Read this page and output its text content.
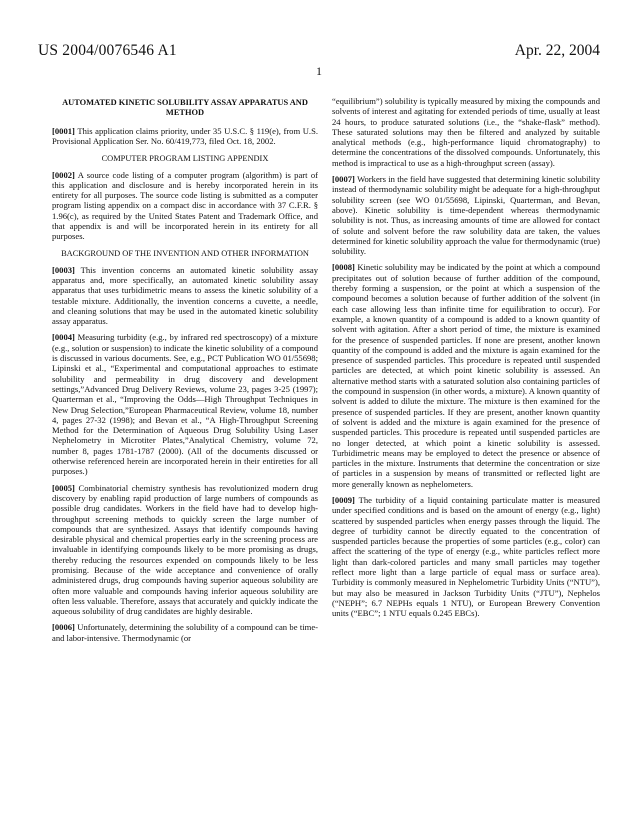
US 2004/0076546 A1	Apr. 22, 2004
1
AUTOMATED KINETIC SOLUBILITY ASSAY APPARATUS AND METHOD

[0001] This application claims priority, under 35 U.S.C. § 119(e), from U.S. Provisional Application Ser. No. 60/419,773, filed Oct. 18, 2002.

COMPUTER PROGRAM LISTING APPENDIX

[0002] A source code listing of a computer program (algorithm) is part of this application and disclosure and is hereby incorporated herein in its entirety for all purposes. The source code listing is submitted as a computer program listing appendix on a compact disc in accordance with 37 C.F.R. § 1.96(c), as required by the United States Patent and Trademark Office, and that appendix is and will be incorporated herein in its entirety for all purposes.

BACKGROUND OF THE INVENTION AND OTHER INFORMATION

[0003] This invention concerns an automated kinetic solubility assay apparatus and, more specifically, an automated kinetic solubility assay apparatus that uses turbidimetric means to assess the kinetic solubility of a testable mixture. Additionally, the invention concerns a cuvette, a needle, and cleaning solutions that may be used in the automated kinetic solubility assay apparatus.

[0004] Measuring turbidity (e.g., by infrared red spectroscopy) of a mixture (e.g., solution or suspension) to indicate the kinetic solubility of a compound is discussed in various documents. See, e.g., PCT Publication WO 01/55698; Lipinski et al., “Experimental and computational approaches to estimate solubility and permeability in drug discovery and development settings,”Advanced Drug Delivery Reviews, volume 23, pages 3-25 (1997); Quarterman et al., “Improving the Odds—High Throughput Techniques in New Drug Selection,”European Pharmaceutical Review, volume 18, number 4, pages 27-32 (1998); and Bevan et al., “A High-Throughput Screening Method for the Determination of Aqueous Drug Solubility Using Laser Nephelometry in Microtiter Plates,”Analytical Chemistry, volume 72, number 8, pages 1781-1787 (2000). (All of the documents discussed or otherwise referenced herein are incorporated herein in their entireties for all purposes.)

[0005] Combinatorial chemistry synthesis has revolutionized modern drug discovery by enabling rapid production of large numbers of compounds as possible drug candidates. Workers in the field have had to develop high-throughput screening methods to quickly screen the large number of compounds that are synthesized. Assays that identify compounds having desirable physical and chemical properties early in the screening process are invaluable in identifying compounds likely to be more promising as drugs, thereby reducing the resources expended on compounds likely to be less promising. Because of the wide acceptance and convenience of orally administered drugs, drug compounds having superior aqueous solubility are often more valuable and compounds having inferior aqueous solubility are often less valuable. Therefore, assays that accurately and quickly indicate the aqueous solubility of drug candidates are highly desirable.

[0006] Unfortunately, determining the solubility of a compound can be time- and labor-intensive. Thermodynamic (or

“equilibrium”) solubility is typically measured by mixing the compounds and solvents of interest and agitating for extended periods of time, usually at least 24 hours, to produce saturated solutions (i.e., the “shake-flask” method). These saturated solutions may then be filtered and analyzed by suitable analytical methods (e.g., high-performance liquid chromatography) to determine the concentrations of the dissolved compounds. Unfortunately, this method is impractical to use as a high-throughput screen (assay).

[0007] Workers in the field have suggested that determining kinetic solubility instead of thermodynamic solubility might be adequate for a high-throughput solubility screen (see WO 01/55698, Lipinski, Quarterman, and Bevan, above). Kinetic solubility is time-dependent whereas thermodynamic solubility is not. Thus, as increasing amounts of time are allowed for contact of solute and solvent before the raw solubility data are taken, the values determined for kinetic solubility approach the value for thermodynamic (true) solubility.

[0008] Kinetic solubility may be indicated by the point at which a compound precipitates out of solution because of further addition of the compound, thereby forming a suspension, or the point at which a suspension of the compound becomes a solution because of further addition of the solvent (in each case allowing less than infinite time for equilibration to occur). For example, a known quantity of a compound is added to a known quantity of solvent with agitation. After a short period of time, the mixture is examined for the presence of suspended particles. If none are present, another known quantity of the compound is added and the mixture is again examined for the presence of suspended particles. This procedure is repeated until suspended particles are detected, at which point kinetic solubility is assessed. An alternative method starts with a saturated solution also containing particles of the compound in suspension (in other words, a mixture). A known quantity of solvent is added to dilute the mixture. The mixture is then examined for the presence of suspended particles. If they are present, another known quantity of solvent is added and the mixture is again examined for the presence of suspended particles. This procedure is repeated until suspended particles are no longer detected, at which point a kinetic solubility is assessed. Turbidimetric means may be employed to detect the presence or absence of particles in the mixture. Instruments that determine the concentration or size of particles in a suspension by means of transmitted or reflected light are more generally known as nephelometers.

[0009] The turbidity of a liquid containing particulate matter is measured under specified conditions and is based on the amount of energy (e.g., light) scattered by suspended particles when energy passes through the liquid. The degree of turbidity cannot be directly equated to the concentration of suspended particles because the properties of some particles (e.g., color) can affect the scattering of the type of energy (e.g., white particles reflect more light than dark-colored particles and many small particles may together reflect more light than a large particle of equal mass or surface area). Turbidity is commonly measured in Nephelometric Turbidity Units (“NTU”), but may also be measured in Jackson Turbidity Units (“JTU”), Nephelos (“NEPH”; 6.7 NEPHs equals 1 NTU), or European Brewery Convention units (“EBC”; 1 NTU equals 0.245 EBCs).
